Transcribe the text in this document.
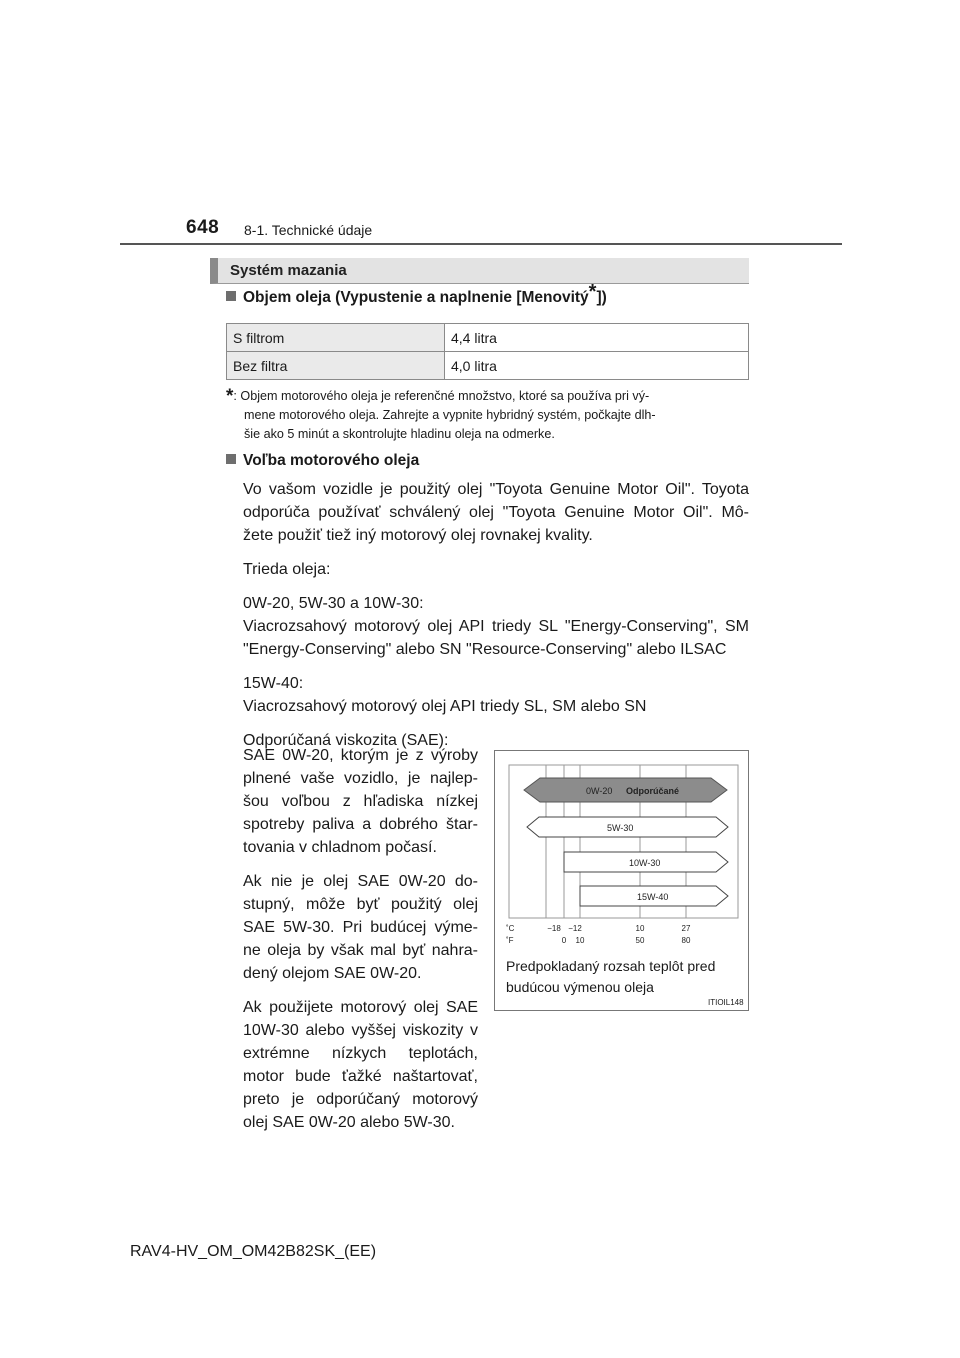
648 8-1. Technické údaje
Systém mazania
Objem oleja (Vypustenie a naplnenie [Menovitý*])
S filtrom	4,4 litra
Bez filtra	4,0 litra
*: Objem motorového oleja je referenčné množstvo, ktoré sa používa pri vý-
mene motorového oleja. Zahrejte a vypnite hybridný systém, počkajte dlh-
šie ako 5 minút a skontrolujte hladinu oleja na odmerke.
Voľba motorového oleja

Vo vašom vozidle je použitý olej "Toyota Genuine Motor Oil". Toyota odporúča používať schválený olej "Toyota Genuine Motor Oil". Mô- žete použiť tiež iný motorový olej rovnakej kvality.

Trieda oleja:

0W-20, 5W-30 a 10W-30:
Viacrozsahový motorový olej API triedy SL "Energy-Conserving", SM "Energy-Conserving" alebo SN "Resource-Conserving" alebo ILSAC

15W-40:
Viacrozsahový motorový olej API triedy SL, SM alebo SN

Odporúčaná viskozita (SAE):

SAE 0W-20, ktorým je z výroby plnené vaše vozidlo, je najlep- šou voľbou z hľadiska nízkej spotreby paliva a dobrého štar- tovania v chladnom počasí.

Ak nie je olej SAE 0W-20 do- stupný, môže byť použitý olej SAE 5W-30. Pri budúcej výme- ne oleja by však mal byť nahra- dený olejom SAE 0W-20.

Ak použijete motorový olej SAE 10W-30 alebo vyššej viskozity v extrémne nízkych teplotách, motor bude ťažké naštartovať, preto je odporúčaný motorový olej SAE 0W-20 alebo 5W-30.

0W-20 Odporúčané
5W-30
10W-30
15W-40
˚C
˚F
−18 −12	10	27
0 10	50	80
Predpokladaný rozsah teplôt pred
budúcou výmenou oleja
ITIOIL148
RAV4-HV_OM_OM42B82SK_(EE)
